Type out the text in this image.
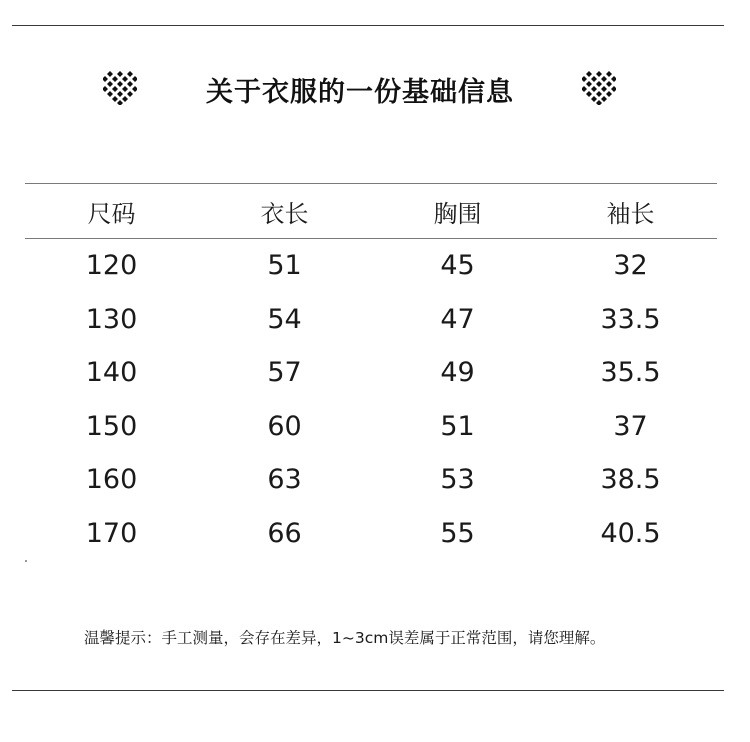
关于衣服的一份基础信息
尺码	衣长	胸围	袖长
120	51	45	32
130	54	47	33.5
140	57	49	35.5
150	60	51	37
160	63	53	38.5
170	66	55	40.5
温馨提示：手工测量，会存在差异，1~3cm误差属于正常范围，请您理解。
